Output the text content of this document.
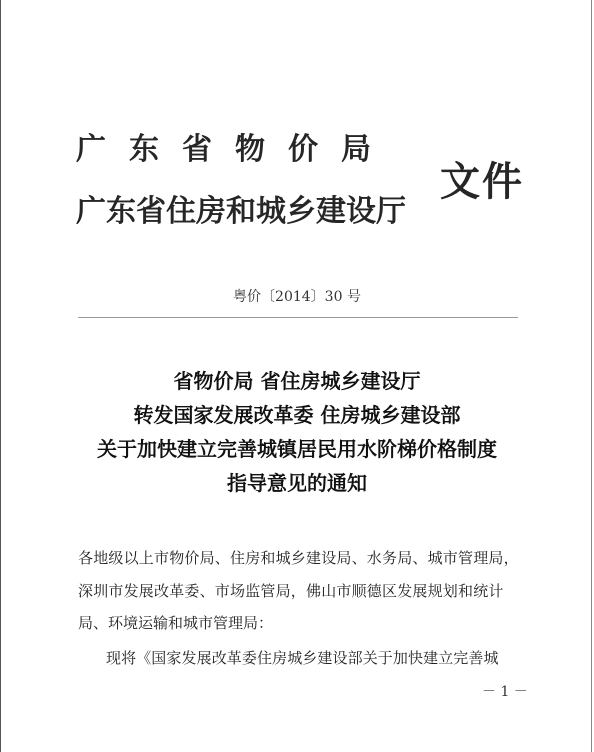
广东省物价局
广东省住房和城乡建设厅
文件
粤价〔2014〕30 号
省物价局 省住房城乡建设厅
转发国家发展改革委 住房城乡建设部
关于加快建立完善城镇居民用水阶梯价格制度
指导意见的通知
各地级以上市物价局、住房和城乡建设局、水务局、城市管理局，
深圳市发展改革委、市场监管局，佛山市顺德区发展规划和统计
局、环境运输和城市管理局：
现将《国家发展改革委住房城乡建设部关于加快建立完善城
－ 1 －
